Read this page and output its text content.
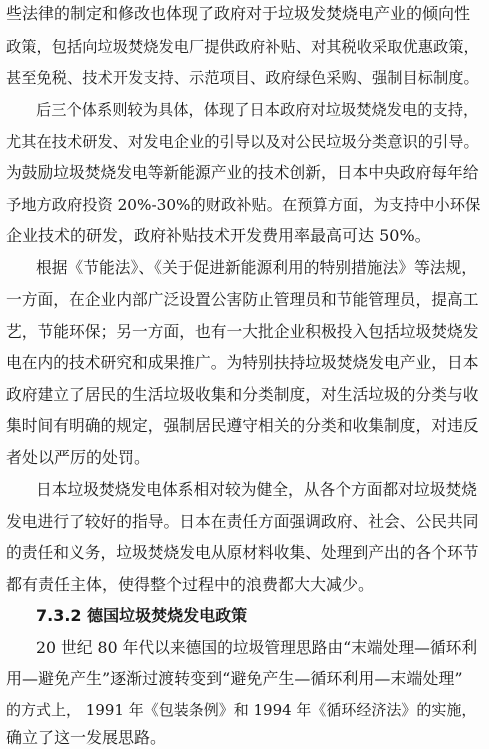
些法律的制定和修改也体现了政府对于垃圾发焚烧电产业的倾向性
政策，包括向垃圾焚烧发电厂提供政府补贴、对其税收采取优惠政策，
甚至免税、技术开发支持、示范项目、政府绿色采购、强制目标制度。
后三个体系则较为具体，体现了日本政府对垃圾焚烧发电的支持，
尤其在技术研发、对发电企业的引导以及对公民垃圾分类意识的引导。
为鼓励垃圾焚烧发电等新能源产业的技术创新，日本中央政府每年给
予地方政府投资 20%-30%的财政补贴。在预算方面，为支持中小环保
企业技术的研发，政府补贴技术开发费用率最高可达 50%。
根据《节能法》、《关于促进新能源利用的特别措施法》等法规，
一方面，在企业内部广泛设置公害防止管理员和节能管理员，提高工
艺，节能环保；另一方面，也有一大批企业积极投入包括垃圾焚烧发
电在内的技术研究和成果推广。为特别扶持垃圾焚烧发电产业，日本
政府建立了居民的生活垃圾收集和分类制度，对生活垃圾的分类与收
集时间有明确的规定，强制居民遵守相关的分类和收集制度，对违反
者处以严厉的处罚。
日本垃圾焚烧发电体系相对较为健全，从各个方面都对垃圾焚烧
发电进行了较好的指导。日本在责任方面强调政府、社会、公民共同
的责任和义务，垃圾焚烧发电从原材料收集、处理到产出的各个环节
都有责任主体，使得整个过程中的浪费都大大减少。
7.3.2 德国垃圾焚烧发电政策
20 世纪 80 年代以来德国的垃圾管理思路由“末端处理—循环利
用—避免产生”逐渐过渡转变到“避免产生—循环利用—末端处理”
的方式上， 1991 年《包装条例》和 1994 年《循环经济法》的实施，
确立了这一发展思路。
